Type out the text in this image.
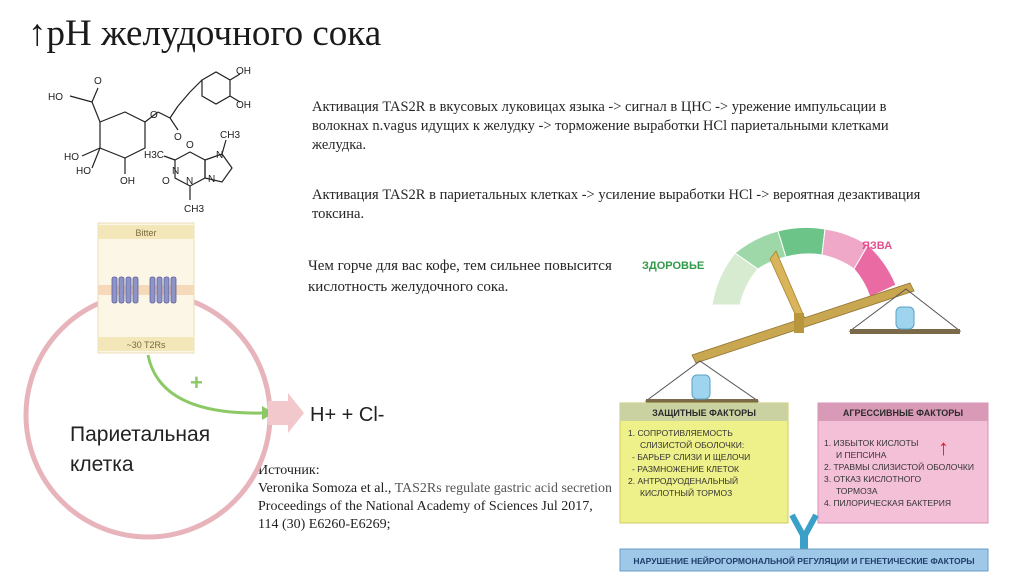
↑pH желудочного сока
Активация TAS2R в вкусовых луковицах языка -> сигнал в ЦНС -> урежение импульсации в волокнах n.vagus идущих к желудку -> торможение выработки HCl париетальными клетками желудка.
Активация TAS2R в париетальных клетках -> усиление выработки HCl -> вероятная дезактивация токсина.
Чем горче для вас кофе, тем сильнее повысится кислотность желудочного сока.
Источник:
Veronika Somoza et al., TAS2Rs regulate gastric acid secretion Proceedings of the National Academy of Sciences Jul 2017,
114 (30) E6260-E6269;
HO
O
OH
O
O
HO
OH
HO
OH
H3C
O
N
N
CH3
N
N
O
CH3
Bitter
~30 T2Rs
+
Париетальная
клетка
H+ + Cl-
ЗДОРОВЬЕ
ЯЗВА
ЗАЩИТНЫЕ ФАКТОРЫ
1. СОПРОТИВЛЯЕМОСТЬ
СЛИЗИСТОЙ ОБОЛОЧКИ:
- БАРЬЕР СЛИЗИ И ЩЕЛОЧИ
- РАЗМНОЖЕНИЕ КЛЕТОК
2. АНТРОДУОДЕНАЛЬНЫЙ
КИСЛОТНЫЙ ТОРМОЗ
АГРЕССИВНЫЕ ФАКТОРЫ
1. ИЗБЫТОК КИСЛОТЫ
И ПЕПСИНА
2. ТРАВМЫ СЛИЗИСТОЙ ОБОЛОЧКИ
3. ОТКАЗ КИСЛОТНОГО
ТОРМОЗА
4. ПИЛОРИЧЕСКАЯ БАКТЕРИЯ
↑
НАРУШЕНИЕ НЕЙРОГОРМОНАЛЬНОЙ РЕГУЛЯЦИИ И ГЕНЕТИЧЕСКИЕ ФАКТОРЫ
